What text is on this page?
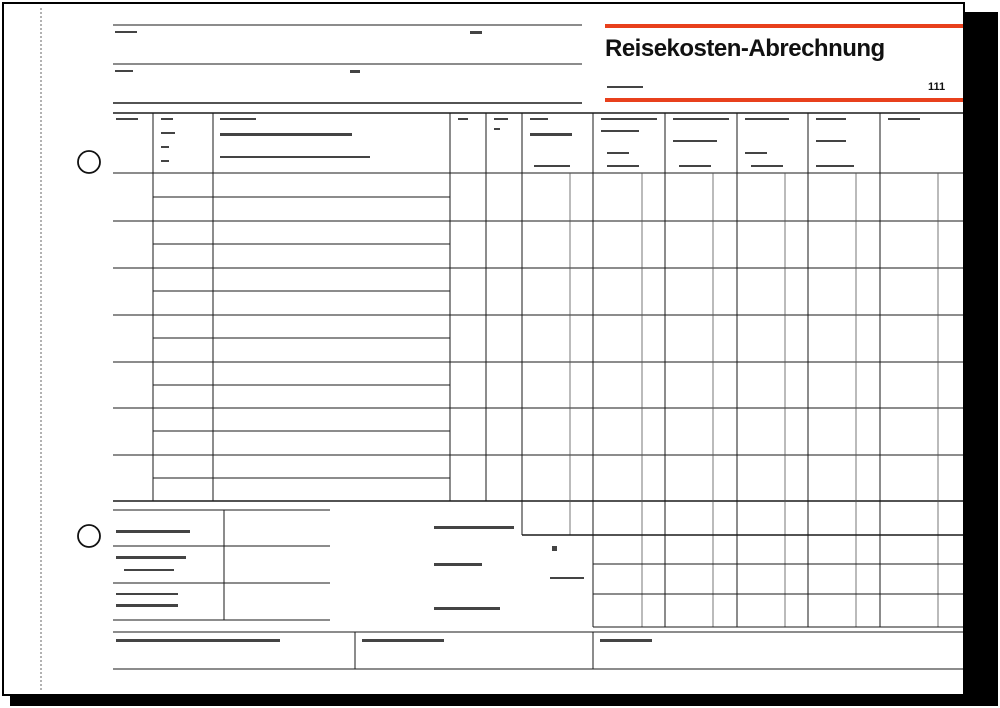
Reisekosten-Abrechnung
111
